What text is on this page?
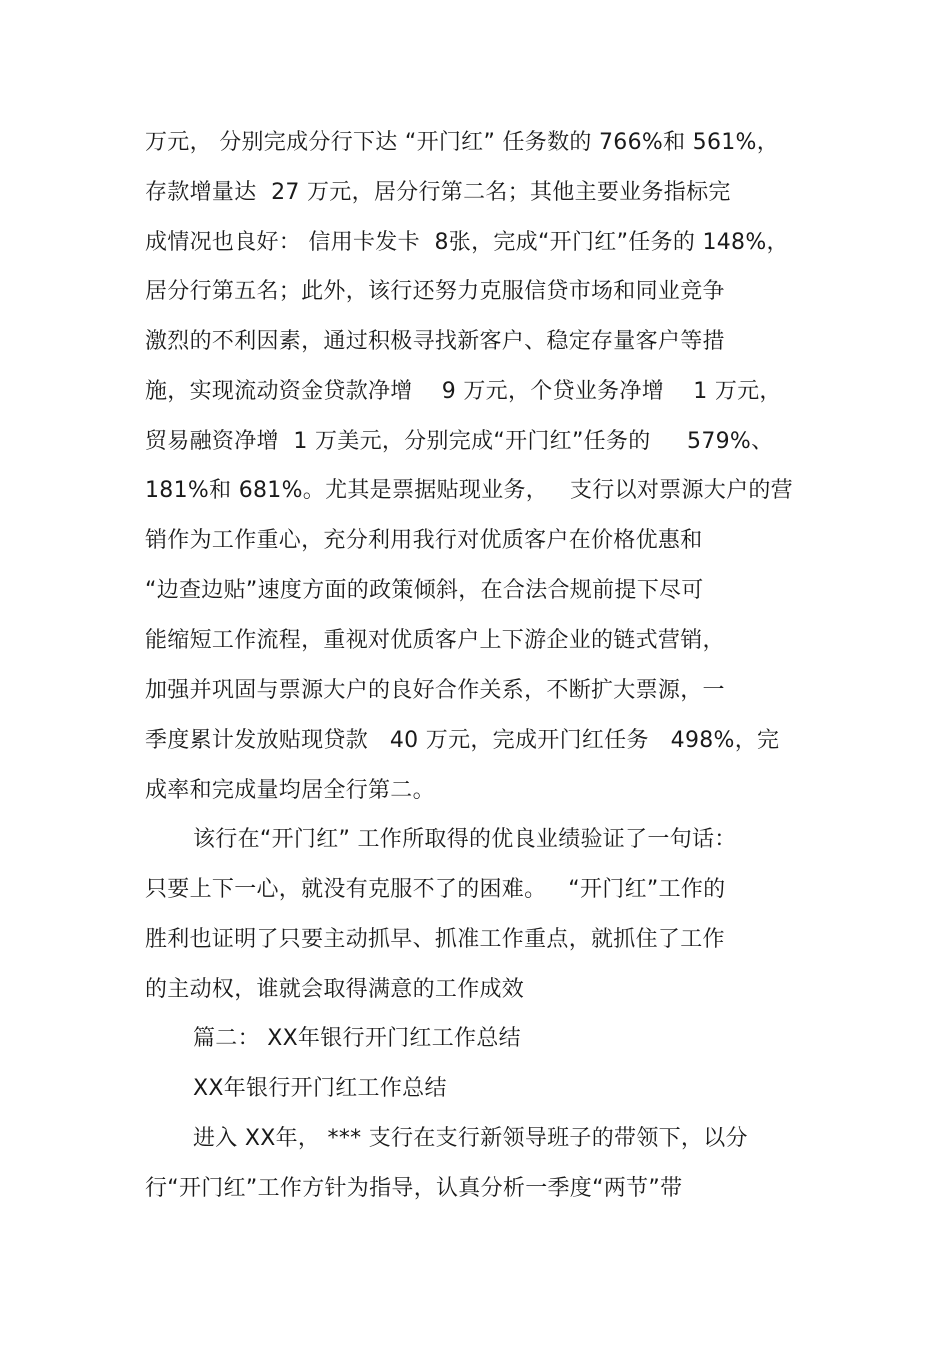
万元， 分别完成分行下达 “开门红” 任务数的 766%和 561%，
存款增量达  27 万元，居分行第二名；其他主要业务指标完
成情况也良好： 信用卡发卡  8张，完成“开门红”任务的 148%，
居分行第五名；此外，该行还努力克服信贷市场和同业竞争
激烈的不利因素，通过积极寻找新客户、稳定存量客户等措
施，实现流动资金贷款净增    9 万元，个贷业务净增    1 万元，
贸易融资净增  1 万美元，分别完成“开门红”任务的     579%、
181%和 681%。尤其是票据贴现业务，   支行以对票源大户的营
销作为工作重心，充分利用我行对优质客户在价格优惠和
“边查边贴”速度方面的政策倾斜，在合法合规前提下尽可
能缩短工作流程，重视对优质客户上下游企业的链式营销，
加强并巩固与票源大户的良好合作关系，不断扩大票源，一
季度累计发放贴现贷款   40 万元，完成开门红任务   498%，完
成率和完成量均居全行第二。
该行在“开门红” 工作所取得的优良业绩验证了一句话：
只要上下一心，就没有克服不了的困难。   “开门红”工作的
胜利也证明了只要主动抓早、抓准工作重点，就抓住了工作
的主动权，谁就会取得满意的工作成效
篇二： XX年银行开门红工作总结
XX年银行开门红工作总结
进入 XX年， *** 支行在支行新领导班子的带领下，以分
行“开门红”工作方针为指导，认真分析一季度“两节”带
